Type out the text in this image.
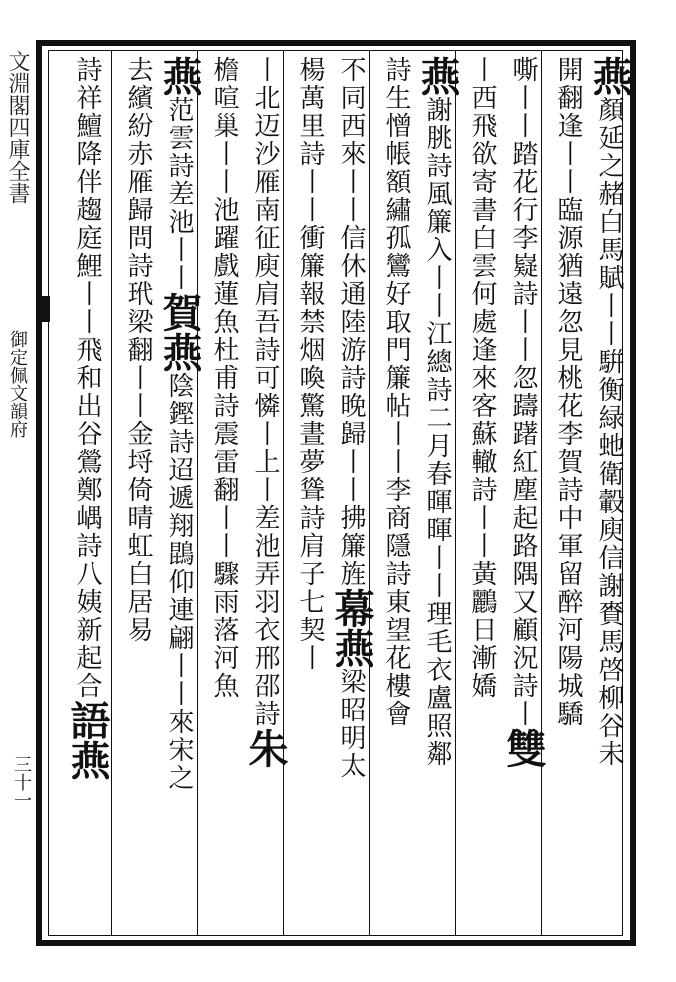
文淵閣四庫全書
御定佩文韻府
三十一
燕顏延之赭白馬賦丨丨騈衡緑虵衛轂庾信謝賚馬啓柳谷未
開翻逢丨丨臨源猶遠忽見桃花李賀詩中軍留醉河陽城驕
嘶丨丨踏花行李嶷詩丨丨忽躊躇紅塵起路隅又顧況詩丨雙
丨西飛欲寄書白雲何處逢來客蘇轍詩丨丨黃鸝日漸嬌
燕謝朓詩風簾入丨丨江總詩二月春暉暉丨丨理毛衣盧照鄰
詩生憎帳額繡孤鸞好取門簾帖丨丨李商隱詩東望花樓會
不同西來丨丨信休通陸游詩晚歸丨丨拂簾旌幕燕梁昭明太
楊萬里詩丨丨衝簾報禁烟喚驚晝夢聳詩肩子七契丨
丨北迈沙雁南征庾肩吾詩可憐丨上丨差池弄羽衣邢邵詩朱
檐喧巢丨丨池躍戲蓮魚杜甫詩震雷翻丨丨驟雨落河魚
燕范雲詩差池丨丨賀燕陰鏗詩迢遞翔鵾仰連翩丨丨來宋之
去繽紛赤雁歸問詩玳梁翻丨丨金埒倚晴虹白居易
詩祥鱣降伴趨庭鯉丨丨飛和出谷鶯鄭嵎詩八姨新起合語燕
